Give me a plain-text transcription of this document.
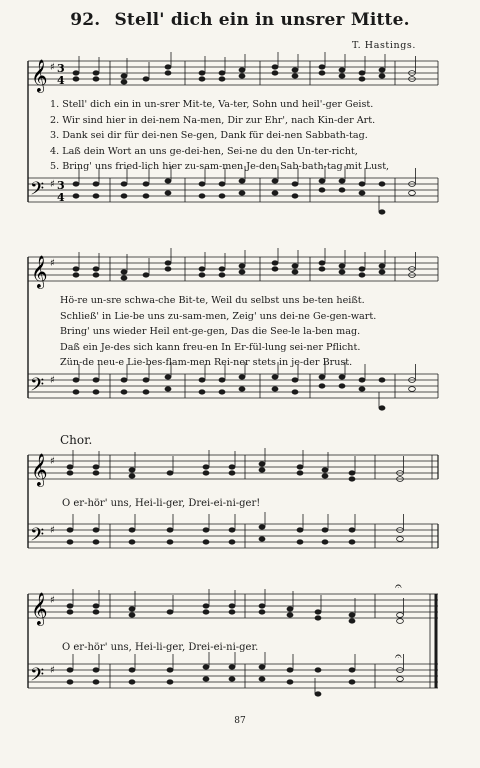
92. Stell' dich ein in unsrer Mitte.
T. Hastings.
𝄞
𝄢
♯
♯
3
4
3
4
1. Stell' dich ein in un-srer Mit-te, Va-ter, Sohn und heil'-ger Geist.
2. Wir sind hier in dei-nem Na-men, Dir zur Ehr', nach Kin-der Art.
3. Dank sei dir für dei-nen Se-gen, Dank für dei-nen Sabbath-tag.
4. Laß dein Wort an uns ge-dei-hen, Sei-ne du den Un-ter-richt,
5. Bring' uns fried-lich hier zu-sam-men Je-den Sab-bath-tag mit Lust,
𝄞
𝄢
♯
♯
Hö-re un-sre schwa-che Bit-te, Weil du selbst uns be-ten heißt.
Schließ' in Lie-be uns zu-sam-men, Zeig' uns dei-ne Ge-gen-wart.
Bring' uns wieder Heil ent-ge-gen, Das die See-le la-ben mag.
Daß ein Je-des sich kann freu-en In Er-fül-lung sei-ner Pflicht.
Zün-de neu-e Lie-bes-flam-men Rei-ner stets in je-der Brust.
Chor.
𝄞
𝄢
♯
♯
O er-hör' uns, Hei-li-ger, Drei-ei-ni-ger!
𝄞
𝄢
♯
♯
𝄐
𝄐
O er-hör' uns, Hei-li-ger, Drei-ei-ni-ger.
87
